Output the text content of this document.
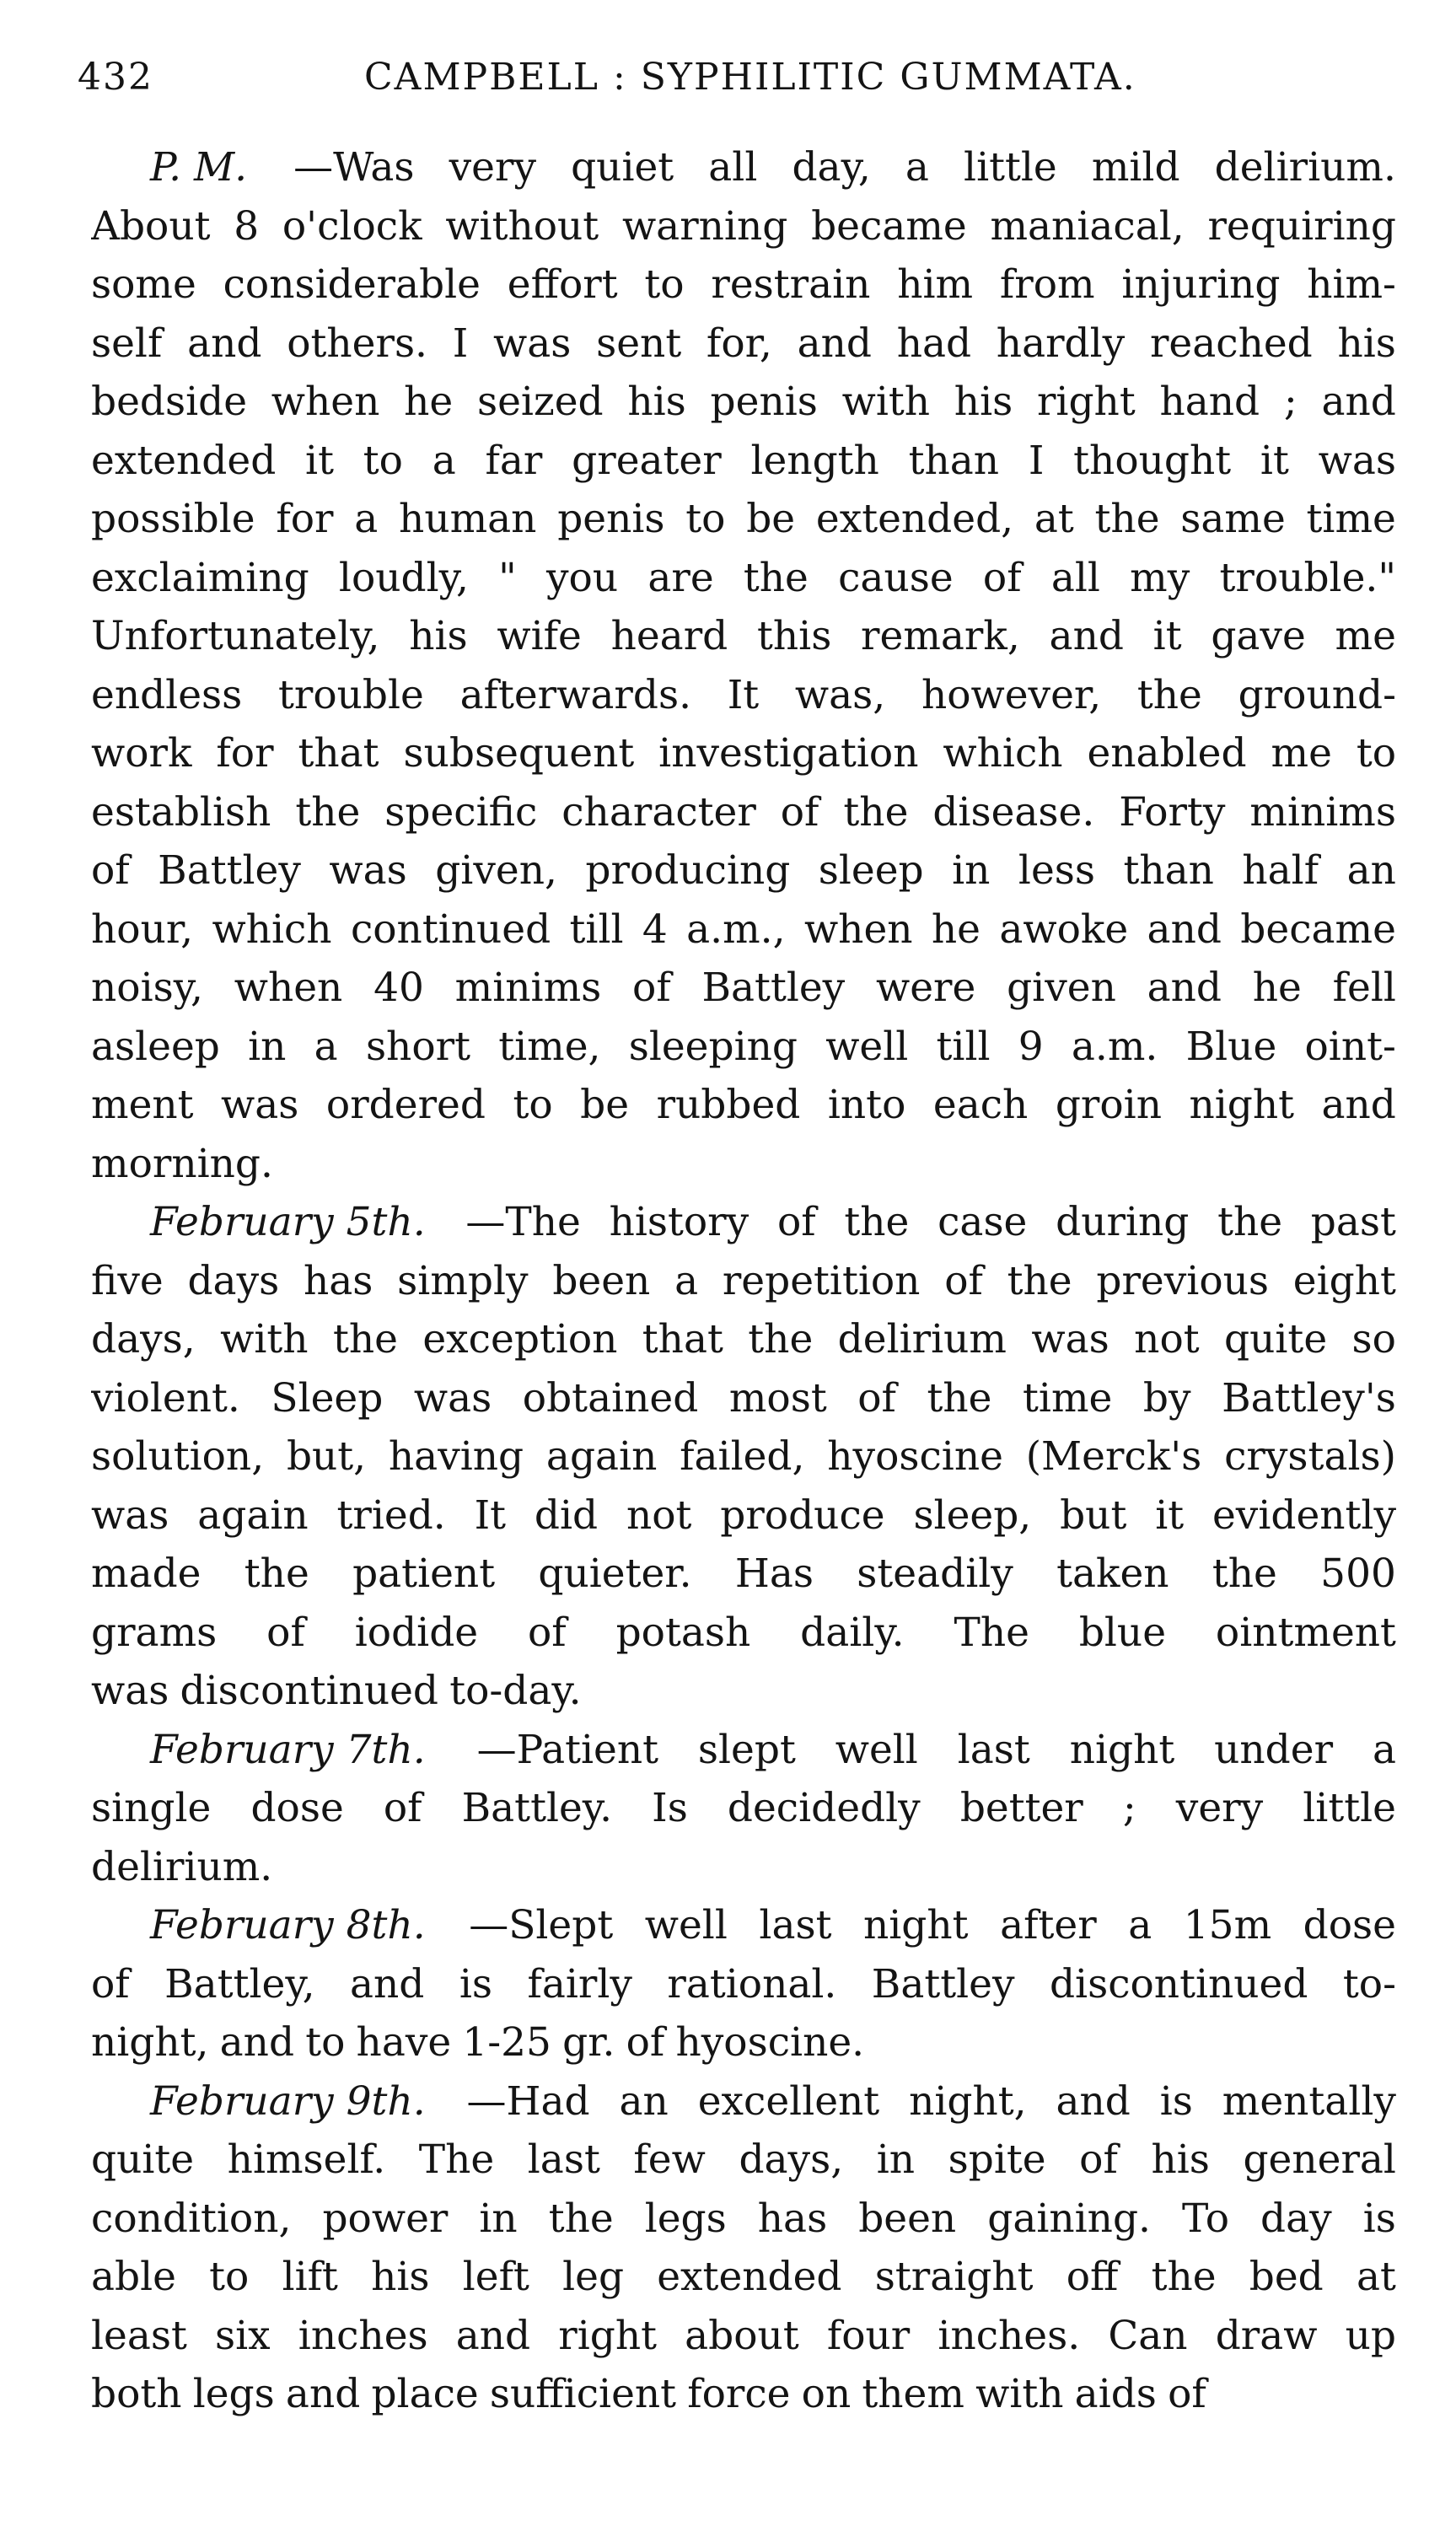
432	CAMPBELL : SYPHILITIC GUMMATA.
P. M. —Was very quiet all day, a little mild delirium.
About 8 o'clock without warning became maniacal, requiring
some considerable effort to restrain him from injuring him-
self and others. I was sent for, and had hardly reached his
bedside when he seized his penis with his right hand ; and
extended it to a far greater length than I thought it was
possible for a human penis to be extended, at the same time
exclaiming loudly, " you are the cause of all my trouble."
Unfortunately, his wife heard this remark, and it gave me
endless trouble afterwards. It was, however, the ground-
work for that subsequent investigation which enabled me to
establish the specific character of the disease. Forty minims
of Battley was given, producing sleep in less than half an
hour, which continued till 4 a.m., when he awoke and became
noisy, when 40 minims of Battley were given and he fell
asleep in a short time, sleeping well till 9 a.m. Blue oint-
ment was ordered to be rubbed into each groin night and
morning.
February 5th. —The history of the case during the past
five days has simply been a repetition of the previous eight
days, with the exception that the delirium was not quite so
violent. Sleep was obtained most of the time by Battley's
solution, but, having again failed, hyoscine (Merck's crystals)
was again tried. It did not produce sleep, but it evidently
made the patient quieter. Has steadily taken the 500
grams of iodide of potash daily. The blue ointment
was discontinued to-day.
February 7th. —Patient slept well last night under a
single dose of Battley. Is decidedly better ; very little
delirium.
February 8th. —Slept well last night after a 15m dose
of Battley, and is fairly rational. Battley discontinued to-
night, and to have 1-25 gr. of hyoscine.
February 9th. —Had an excellent night, and is mentally
quite himself. The last few days, in spite of his general
condition, power in the legs has been gaining. To day is
able to lift his left leg extended straight off the bed at
least six inches and right about four inches. Can draw up
both legs and place sufficient force on them with aids of
